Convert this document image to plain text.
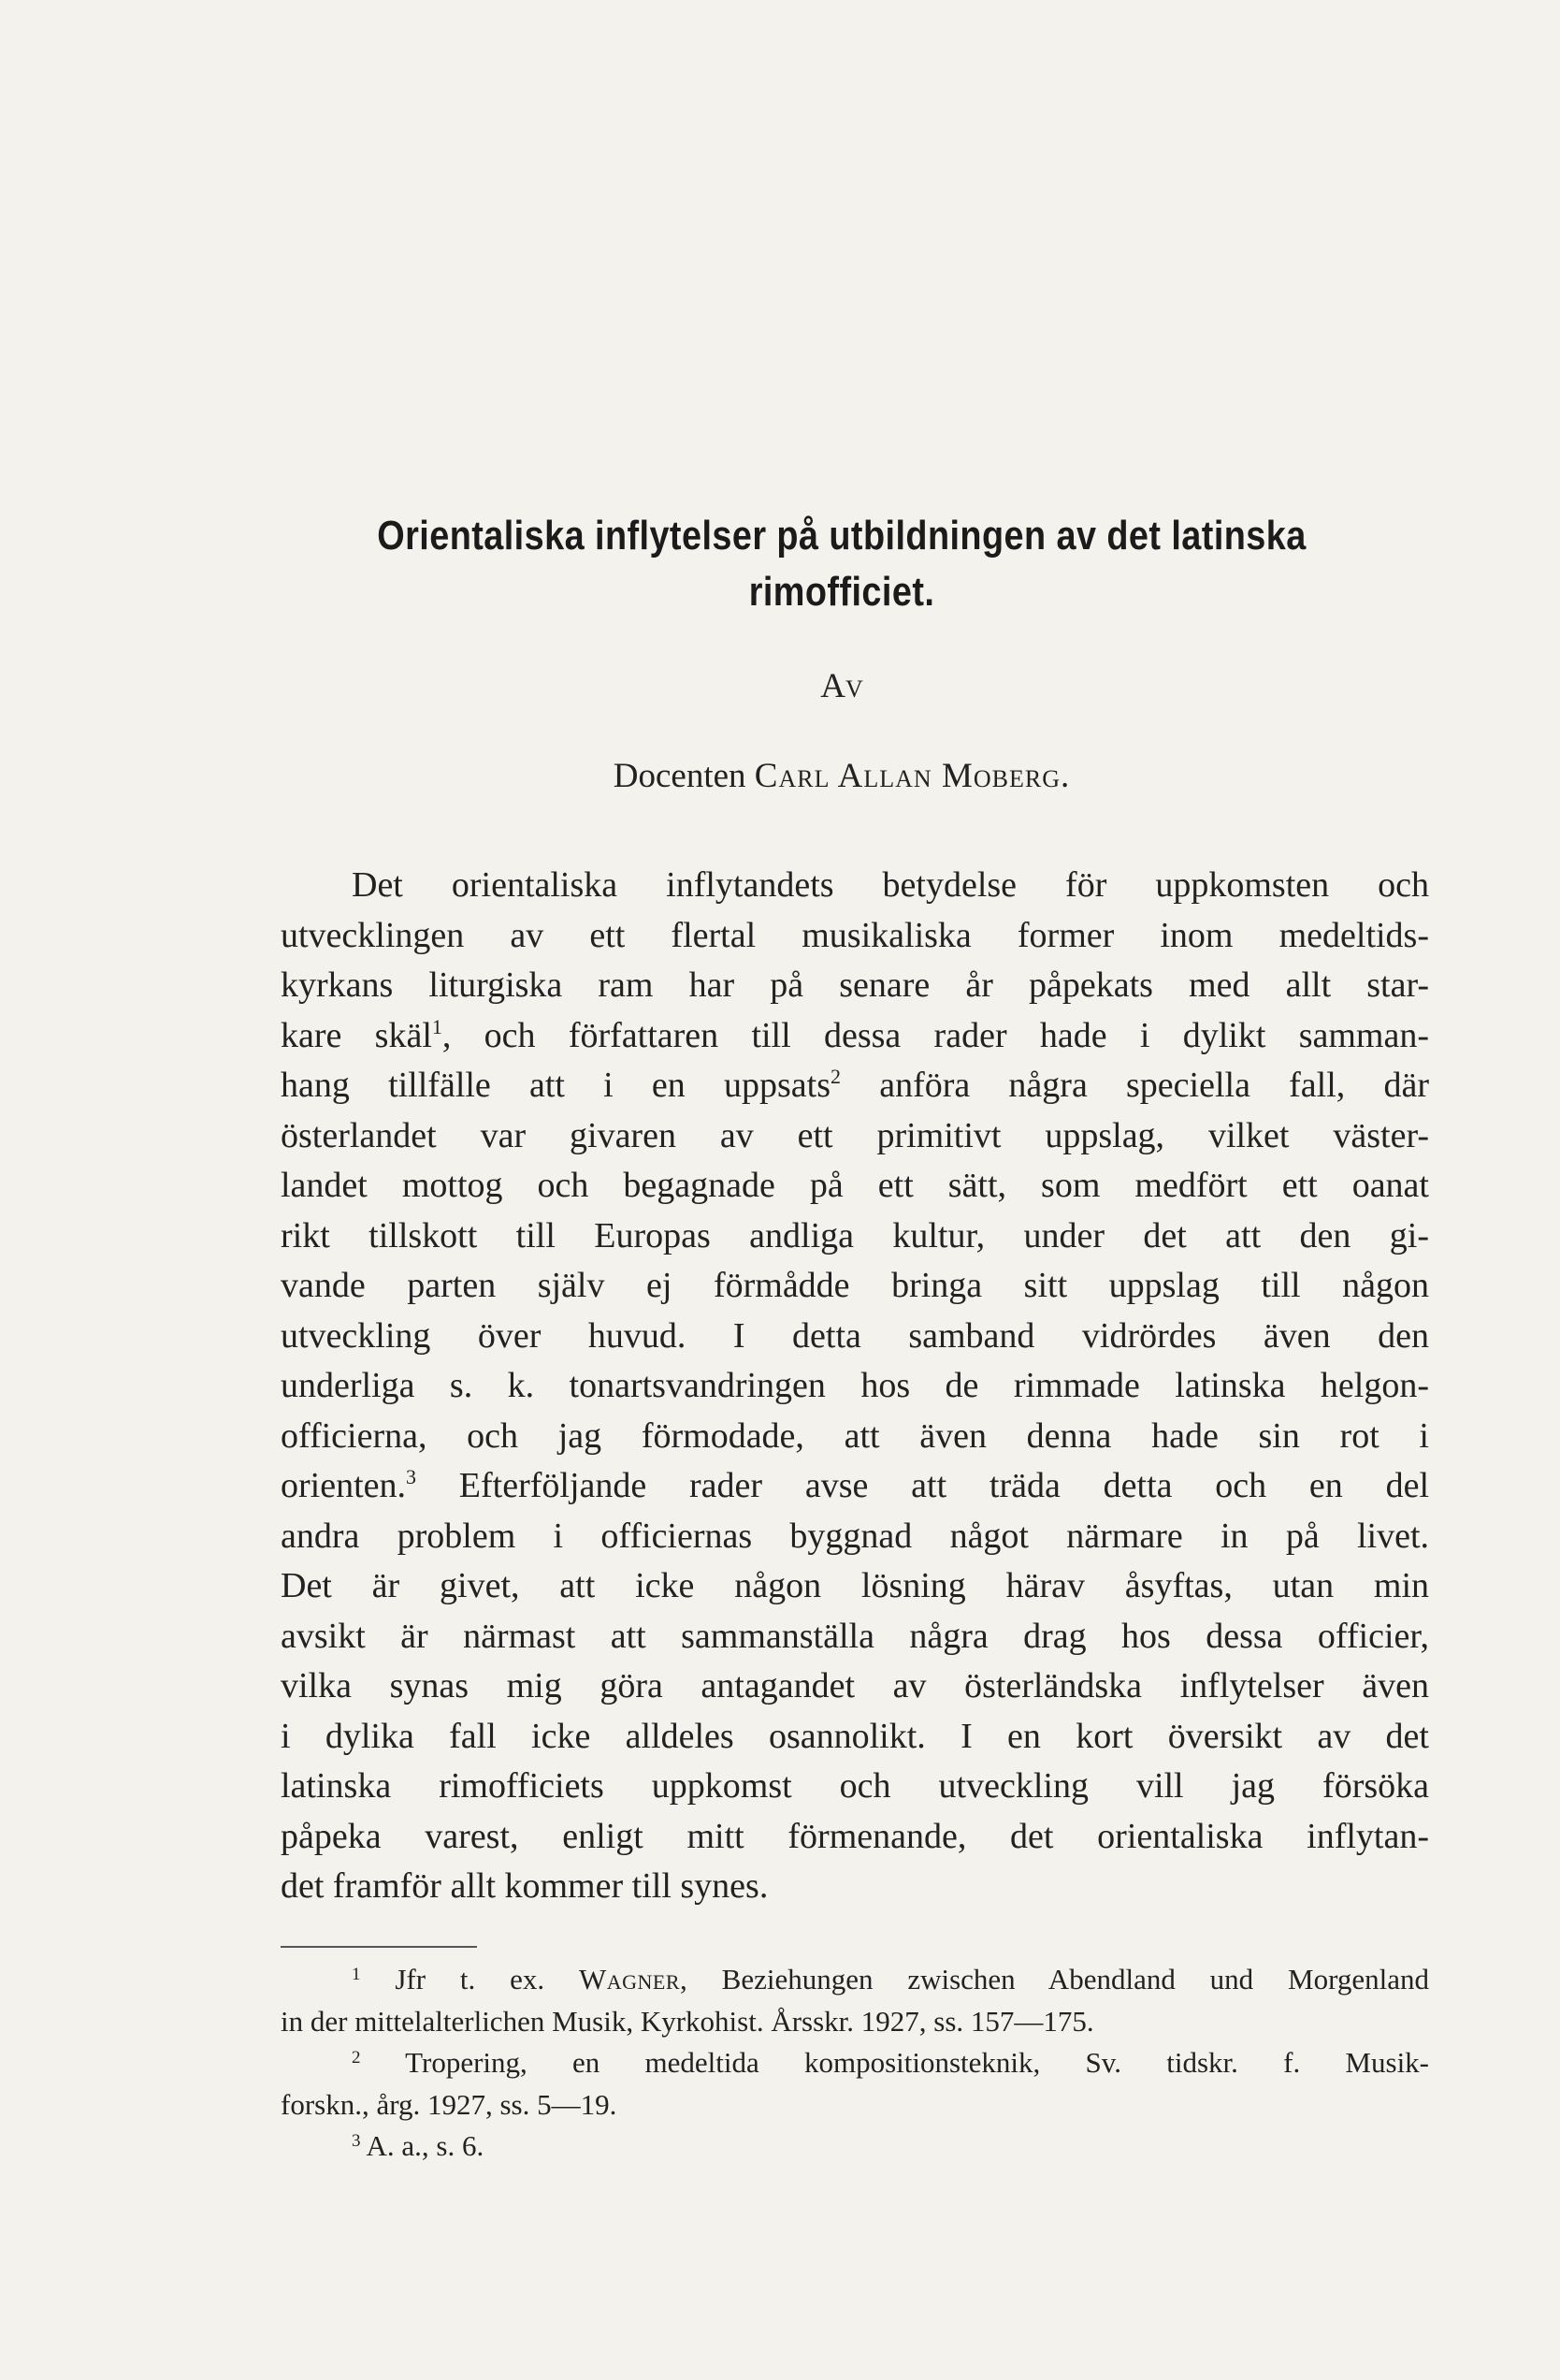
Orientaliska inflytelser på utbildningen av det latinska
rimofficiet.
Av
Docenten Carl Allan Moberg.
Det orientaliska inflytandets betydelse för uppkomsten och
utvecklingen av ett flertal musikaliska former inom medeltids-
kyrkans liturgiska ram har på senare år påpekats med allt star-
kare skäl$^1$, och författaren till dessa rader hade i dylikt samman-
hang tillfälle att i en uppsats$^2$ anföra några speciella fall, där
österlandet var givaren av ett primitivt uppslag, vilket väster-
landet mottog och begagnade på ett sätt, som medfört ett oanat
rikt tillskott till Europas andliga kultur, under det att den gi-
vande parten själv ej förmådde bringa sitt uppslag till någon
utveckling över huvud. I detta samband vidrördes även den
underliga s. k. tonartsvandringen hos de rimmade latinska helgon-
officierna, och jag förmodade, att även denna hade sin rot i
orienten.$^3$ Efterföljande rader avse att träda detta och en del
andra problem i officiernas byggnad något närmare in på livet.
Det är givet, att icke någon lösning härav åsyftas, utan min
avsikt är närmast att sammanställa några drag hos dessa officier,
vilka synas mig göra antagandet av österländska inflytelser även
i dylika fall icke alldeles osannolikt. I en kort översikt av det
latinska rimofficiets uppkomst och utveckling vill jag försöka
påpeka varest, enligt mitt förmenande, det orientaliska inflytan-
det framför allt kommer till synes.
$^1$ Jfr t. ex. Wagner, Beziehungen zwischen Abendland und Morgenland
in der mittelalterlichen Musik, Kyrkohist. Årsskr. 1927, ss. 157—175.
$^2$ Tropering, en medeltida kompositionsteknik, Sv. tidskr. f. Musik-
forskn., årg. 1927, ss. 5—19.
$^3$ A. a., s. 6.
